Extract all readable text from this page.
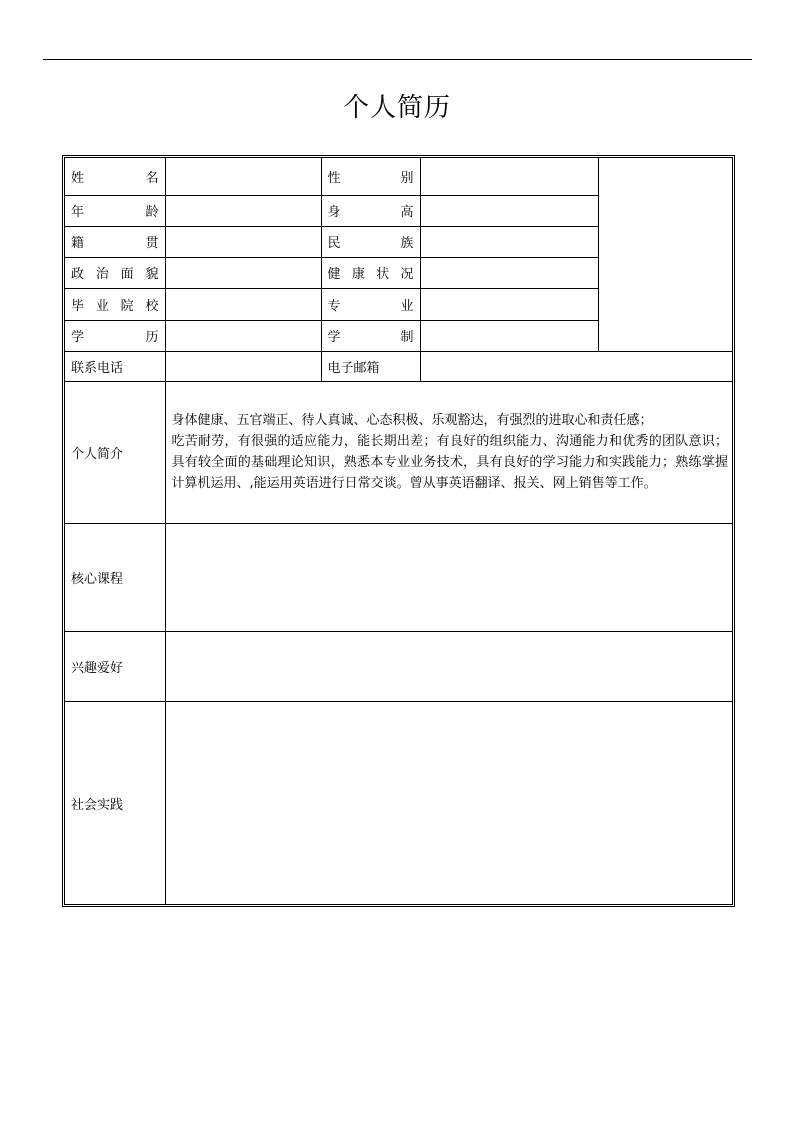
个人简历
姓 名		性 别		

年 龄		身 高		

籍 贯		民 族		

政 治 面 貌		健 康 状 况		

毕 业 院 校		专 业		

学 历		学 制		

联系电话		电子邮箱		
个人简介	身体健康、五官端正、待人真诚、心态积极、乐观豁达，有强烈的进取心和责任感；
吃苦耐劳，有很强的适应能力，能长期出差；有良好的组织能力、沟通能力和优秀的团队意识；具有较全面的基础理论知识，熟悉本专业业务技术，具有良好的学习能力和实践能力；熟练掌握计算机运用、,能运用英语进行日常交谈。曾从事英语翻译、报关、网上销售等工作。			

核心课程				
兴趣爱好				
社会实践				
